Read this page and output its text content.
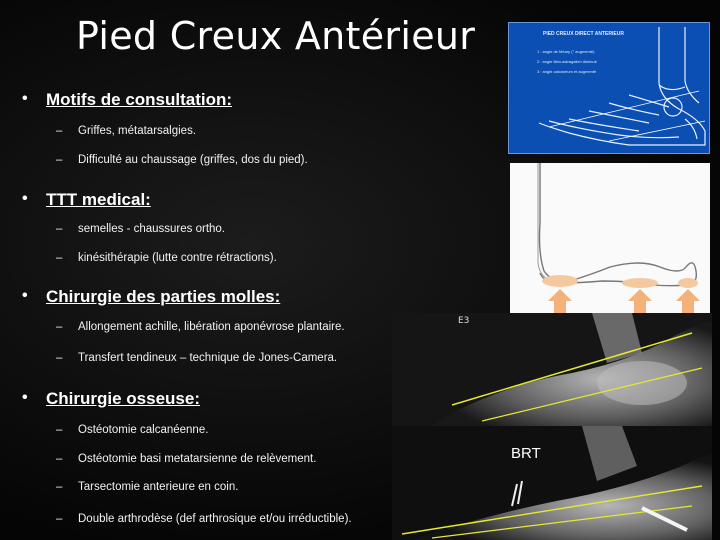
Pied Creux Antérieur
• Motifs de consultation:
– Griffes, métatarsalgies.
– Difficulté au chaussage (griffes, dos du pied).
• TTT medical:
– semelles - chaussures ortho.
– kinésithérapie (lutte contre rétractions).
• Chirurgie des parties molles:
– Allongement achille, libération aponévrose plantaire.
– Transfert tendineux – technique de Jones-Camera.
• Chirurgie osseuse:
– Ostéotomie calcanéenne.
– Ostéotomie basi metatarsienne de relèvement.
– Tarsectomie anterieure en coin.
– Double arthrodèse (def arthrosique et/ou irréductible).
PIED CREUX DIRECT ANTERIEUR
1 : angle de Méary (° augmenté)
2 : angle tibio-astragalien diminué
3 : angle calcanéum et augmenté
E3
BRT
